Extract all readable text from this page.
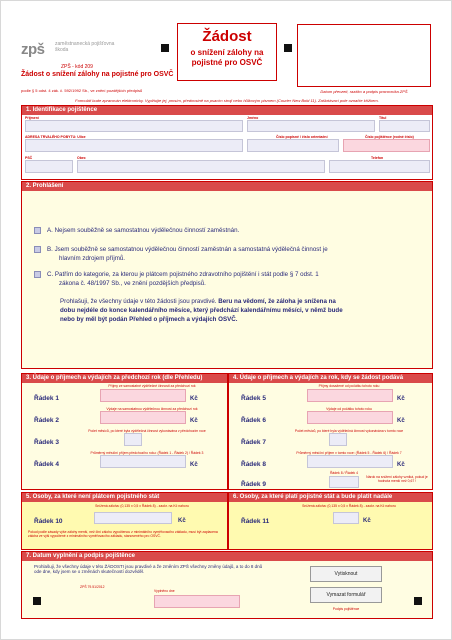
zpš zaměstnanecká pojišťovna škoda
ZPŠ - kód 209
Žádost o snížení zálohy na pojistné pro OSVČ
podle § 5 odst. 4 zák. č. 592/1992 Sb., ve znění pozdějších předpisů
Žádost
o snížení zálohy na pojistné pro OSVČ
Datum převzetí, razítko a podpis pracovníka ZPŠ
Formulář bude zpracován elektronicky. Vyplňujte jej, prosím, přednostně na psacím stroji nebo hůlkovým písmem (Courier New Bold 11). Zaškrtávací pole označte křížkem.
1. Identifikace pojištěnce
Příjmení	Jméno	Titul
ADRESA TRVALÉHO POBYTU: Ulice	Číslo popisné / číslo orientační	Číslo pojištěnce (rodné číslo)
PSČ	Obec	Telefon
2. Prohlášení
A. Nejsem souběžně se samostatnou výdělečnou činností zaměstnán.
B. Jsem souběžně se samostatnou výdělečnou činností zaměstnán a samostatná výdělečná činnost je
hlavním zdrojem příjmů.
C. Patřím do kategorie, za kterou je plátcem pojistného zdravotního pojištění i stát podle § 7 odst. 1
zákona č. 48/1997 Sb., ve znění pozdějších předpisů.
Prohlašuji, že všechny údaje v této žádosti jsou pravdivé. Beru na vědomí, že záloha je snížena na
dobu nejdéle do konce kalendářního měsíce, který předchází kalendářnímu měsíci, v němž bude
nebo by měl být podán Přehled o příjmech a výdajích OSVČ.
3. Údaje o příjmech a výdajích za předchozí rok (dle Přehledu)
Příjmy ze samostatné výdělečné činnosti za předchozí rok
Řádek 1	Kč
Výdaje na samostatnou výdělečnou činnost za předchozí rok
Řádek 2	Kč
Počet měsíců, po které byla výdělečná činnost vykonávána v předchozím roce
Řádek 3
Průměrný měsíční příjem předchozího roku: (Řádek 1 - Řádek 2) / Řádek 3
Řádek 4	Kč
4. Údaje o příjmech a výdajích za rok, kdy se žádost podává
Příjmy dosažené od počátku tohoto roku
Řádek 5	Kč
Výdaje od počátku tohoto roku
Řádek 6	Kč
Počet měsíců, po které byla výdělečná činnost vykonávána v tomto roce
Řádek 7
Průměrný měsíční příjem v tomto roce: (Řádek 5 - Řádek 6) / Řádek 7
Řádek 8	Kč
Řádek 8 / Řádek 4
Řádek 9
Nárok na snížení zálohy vzniká, pokud je hodnota menší než 0,67 !
5. Osoby, za které není plátcem pojistného stát
Snížená záloha: (0,135 x 0,5 x Řádek 8) - zaokr. na Kč nahoru
Řádek 10	Kč
Pokud podle zásady výše zálohy menší, než činí zálohu vypočtenou z minimálního vyměřovacího základu, musí být zaplacena záloha ve výši vypočtené z minimálního vyměřovacího základu, stanoveného pro OSVČ.
6. Osoby, za které platí pojistné stát a bude platit nadále
Snížená záloha: (0,135 x 0,5 x Řádek 8) - zaokr. na Kč nahoru
Řádek 11	Kč
7. Datum vyplnění a podpis pojištěnce
Prohlašuji, že všechny údaje v této ŽÁDOSTI jsou pravdivé a že změním ZPŠ všechny změny údajů, a to do 8 dnů ode dne, kdy jsem se o změnách skutečností dozvěděl.
ZPŠ 79.51/2012
Vyplněno dne
Vytisknout
Vymazat formulář
Podpis pojištěnce
